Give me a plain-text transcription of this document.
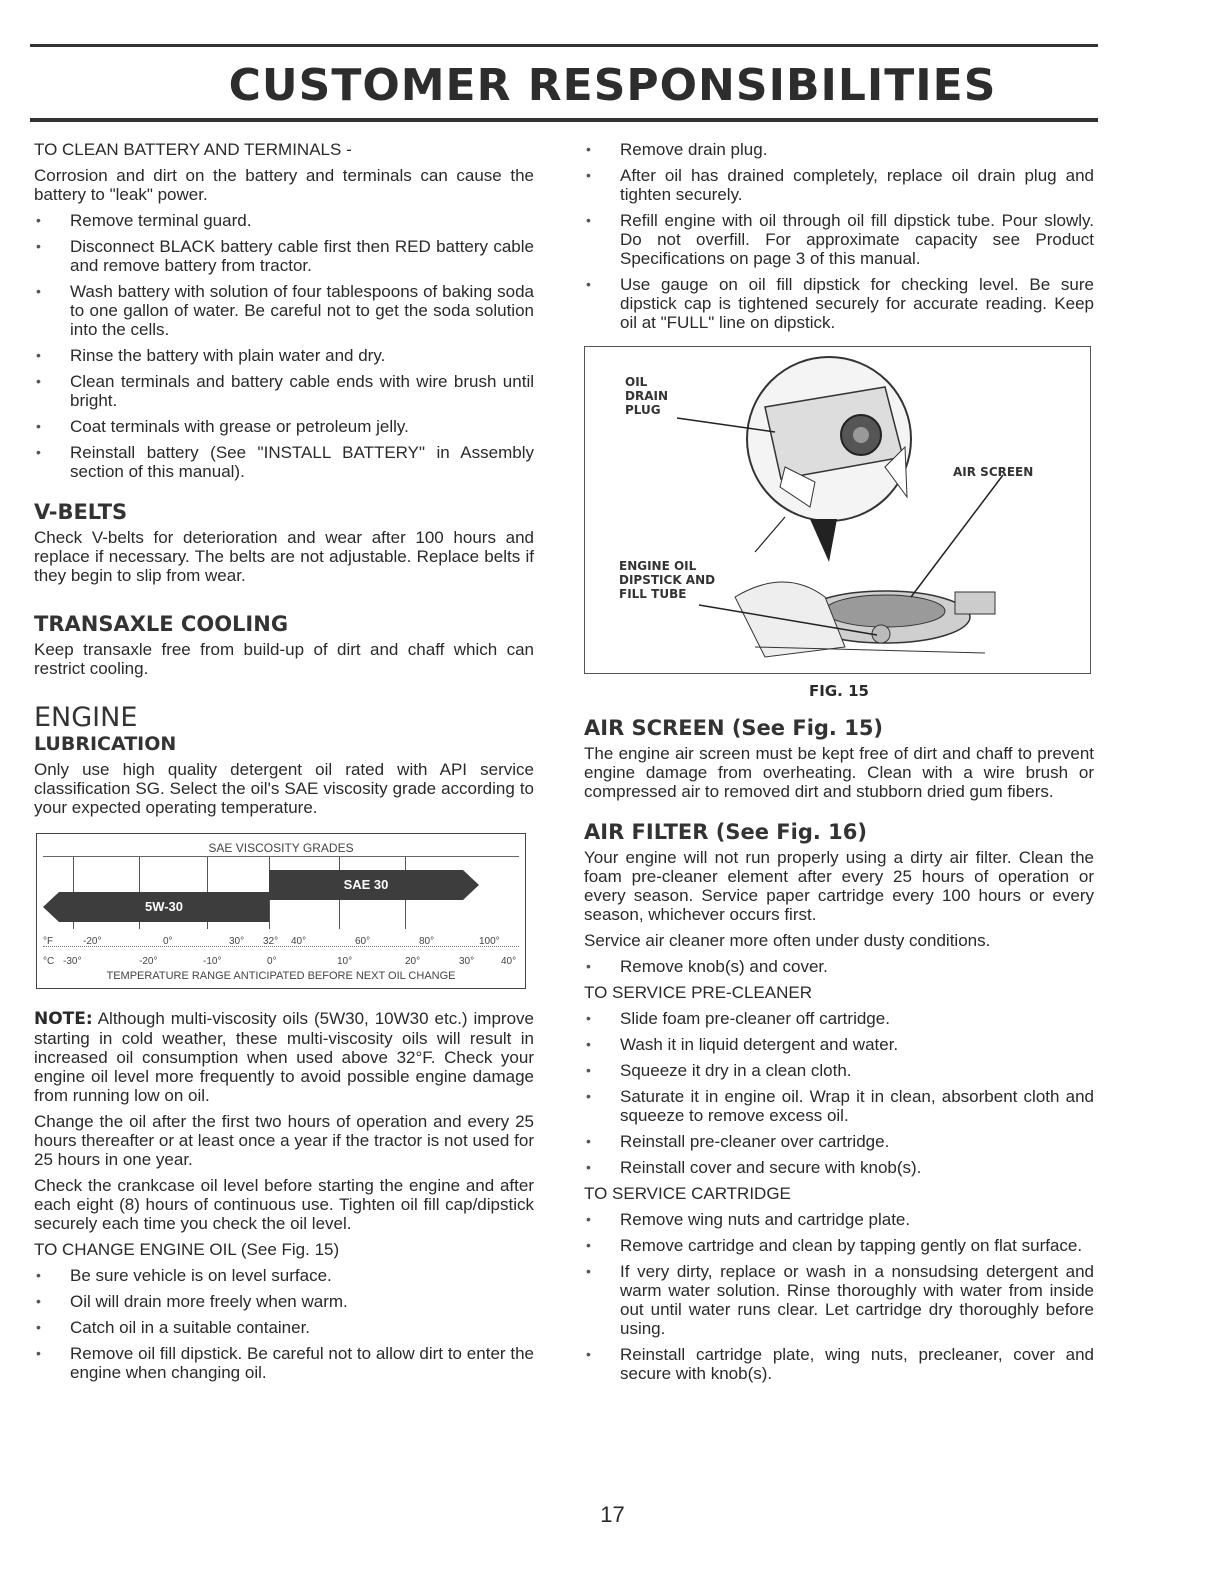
CUSTOMER RESPONSIBILITIES

TO CLEAN BATTERY AND TERMINALS -

Corrosion and dirt on the battery and terminals can cause the battery to "leak" power.

• Remove terminal guard.
• Disconnect BLACK battery cable first then RED battery cable and remove battery from tractor.
• Wash battery with solution of four tablespoons of baking soda to one gallon of water. Be careful not to get the soda solution into the cells.
• Rinse the battery with plain water and dry.
• Clean terminals and battery cable ends with wire brush until bright.
• Coat terminals with grease or petroleum jelly.
• Reinstall battery (See "INSTALL BATTERY" in Assembly section of this manual).
V-BELTS

Check V-belts for deterioration and wear after 100 hours and replace if necessary. The belts are not adjustable. Replace belts if they begin to slip from wear.

TRANSAXLE COOLING

Keep transaxle free from build-up of dirt and chaff which can restrict cooling.

ENGINE
LUBRICATION

Only use high quality detergent oil rated with API service classification SG. Select the oil's SAE viscosity grade according to your expected operating temperature.

SAE VISCOSITY GRADES
5W-30
SAE 30
°F	-20°	0°	30° 32° 40°	60°	80°	100°
°C -30°	-20°	-10°	0°	10°	20°	30°	40°
TEMPERATURE RANGE ANTICIPATED BEFORE NEXT OIL CHANGE

NOTE: Although multi-viscosity oils (5W30, 10W30 etc.) improve starting in cold weather, these multi-viscosity oils will result in increased oil consumption when used above 32°F. Check your engine oil level more frequently to avoid possible engine damage from running low on oil.

Change the oil after the first two hours of operation and every 25 hours thereafter or at least once a year if the tractor is not used for 25 hours in one year.

Check the crankcase oil level before starting the engine and after each eight (8) hours of continuous use. Tighten oil fill cap/dipstick securely each time you check the oil level.

TO CHANGE ENGINE OIL (See Fig. 15)

• Be sure vehicle is on level surface.
• Oil will drain more freely when warm.
• Catch oil in a suitable container.
• Remove oil fill dipstick. Be careful not to allow dirt to enter the engine when changing oil.
• Remove drain plug.
• After oil has drained completely, replace oil drain plug and tighten securely.
• Refill engine with oil through oil fill dipstick tube. Pour slowly. Do not overfill. For approximate capacity see Product Specifications on page 3 of this manual.
• Use gauge on oil fill dipstick for checking level. Be sure dipstick cap is tightened securely for accurate reading. Keep oil at "FULL" line on dipstick.
OIL
DRAIN
PLUG
AIR SCREEN
ENGINE OIL
DIPSTICK AND
FILL TUBE
FIG. 15
AIR SCREEN (See Fig. 15)

The engine air screen must be kept free of dirt and chaff to prevent engine damage from overheating. Clean with a wire brush or compressed air to removed dirt and stubborn dried gum fibers.

AIR FILTER (See Fig. 16)

Your engine will not run properly using a dirty air filter. Clean the foam pre-cleaner element after every 25 hours of operation or every season. Service paper cartridge every 100 hours or every season, whichever occurs first.

Service air cleaner more often under dusty conditions.

• Remove knob(s) and cover.

TO SERVICE PRE-CLEANER

• Slide foam pre-cleaner off cartridge.
• Wash it in liquid detergent and water.
• Squeeze it dry in a clean cloth.
• Saturate it in engine oil. Wrap it in clean, absorbent cloth and squeeze to remove excess oil.
• Reinstall pre-cleaner over cartridge.
• Reinstall cover and secure with knob(s).

TO SERVICE CARTRIDGE

• Remove wing nuts and cartridge plate.
• Remove cartridge and clean by tapping gently on flat surface.
• If very dirty, replace or wash in a nonsudsing detergent and warm water solution. Rinse thoroughly with water from inside out until water runs clear. Let cartridge dry thoroughly before using.
• Reinstall cartridge plate, wing nuts, precleaner, cover and secure with knob(s).
17
